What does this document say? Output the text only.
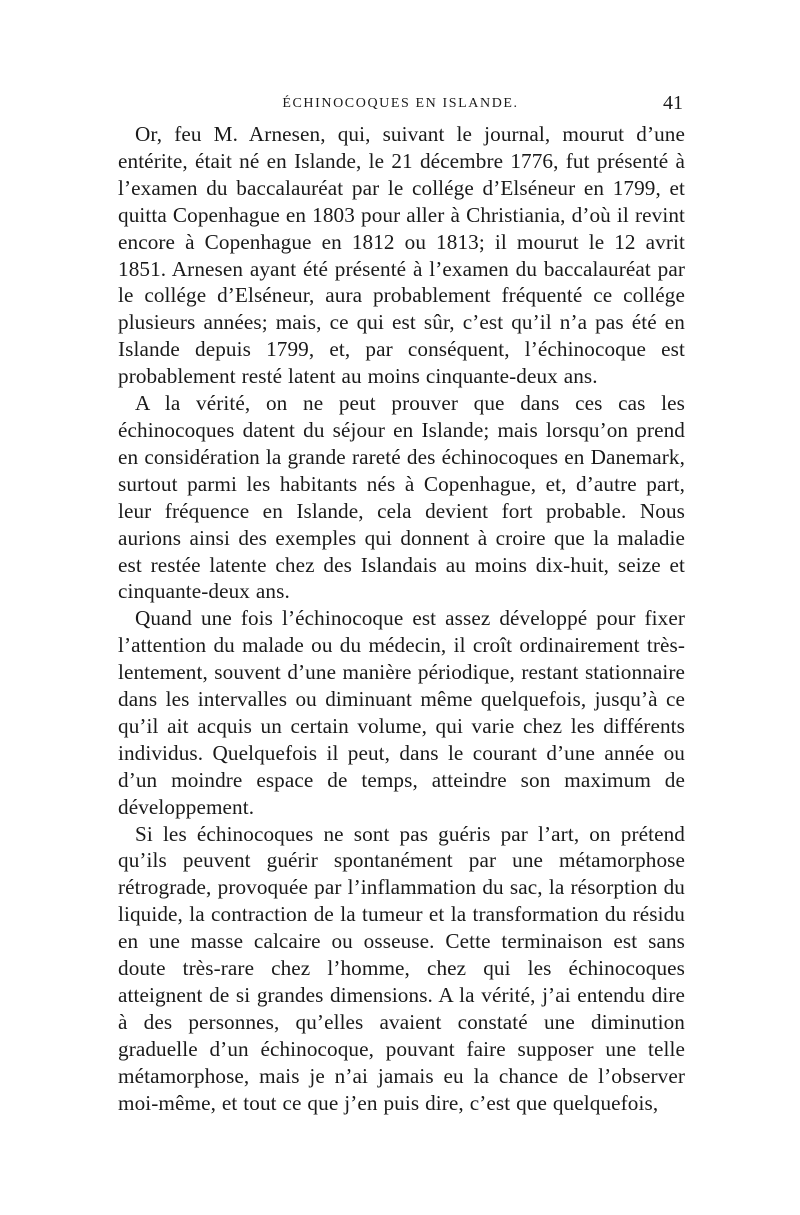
ÉCHINOCOQUES EN ISLANDE.	41

Or, feu M. Arnesen, qui, suivant le journal, mourut d’une entérite, était né en Islande, le 21 décembre 1776, fut présenté à l’examen du baccalauréat par le collége d’Elséneur en 1799, et quitta Copenhague en 1803 pour aller à Christiania, d’où il revint encore à Copenhague en 1812 ou 1813; il mourut le 12 avrit 1851. Arnesen ayant été présenté à l’examen du baccalauréat par le collége d’Elséneur, aura probablement fréquenté ce collége plusieurs années; mais, ce qui est sûr, c’est qu’il n’a pas été en Islande depuis 1799, et, par conséquent, l’échinocoque est probablement resté latent au moins cinquante-deux ans.

A la vérité, on ne peut prouver que dans ces cas les échinocoques datent du séjour en Islande; mais lorsqu’on prend en considération la grande rareté des échinocoques en Danemark, surtout parmi les habitants nés à Copenhague, et, d’autre part, leur fréquence en Islande, cela devient fort probable. Nous aurions ainsi des exemples qui donnent à croire que la maladie est restée latente chez des Islandais au moins dix-huit, seize et cinquante-deux ans.

Quand une fois l’échinocoque est assez développé pour fixer l’attention du malade ou du médecin, il croît ordinairement très-lentement, souvent d’une manière périodique, restant stationnaire dans les intervalles ou diminuant même quelquefois, jusqu’à ce qu’il ait acquis un certain volume, qui varie chez les différents individus. Quelquefois il peut, dans le courant d’une année ou d’un moindre espace de temps, atteindre son maximum de développement.

Si les échinocoques ne sont pas guéris par l’art, on prétend qu’ils peuvent guérir spontanément par une métamorphose rétrograde, provoquée par l’inflammation du sac, la résorption du liquide, la contraction de la tumeur et la transformation du résidu en une masse calcaire ou osseuse. Cette terminaison est sans doute très-rare chez l’homme, chez qui les échinocoques atteignent de si grandes dimensions. A la vérité, j’ai entendu dire à des personnes, qu’elles avaient constaté une diminution graduelle d’un échinocoque, pouvant faire supposer une telle métamorphose, mais je n’ai jamais eu la chance de l’observer moi-même, et tout ce que j’en puis dire, c’est que quelquefois,
